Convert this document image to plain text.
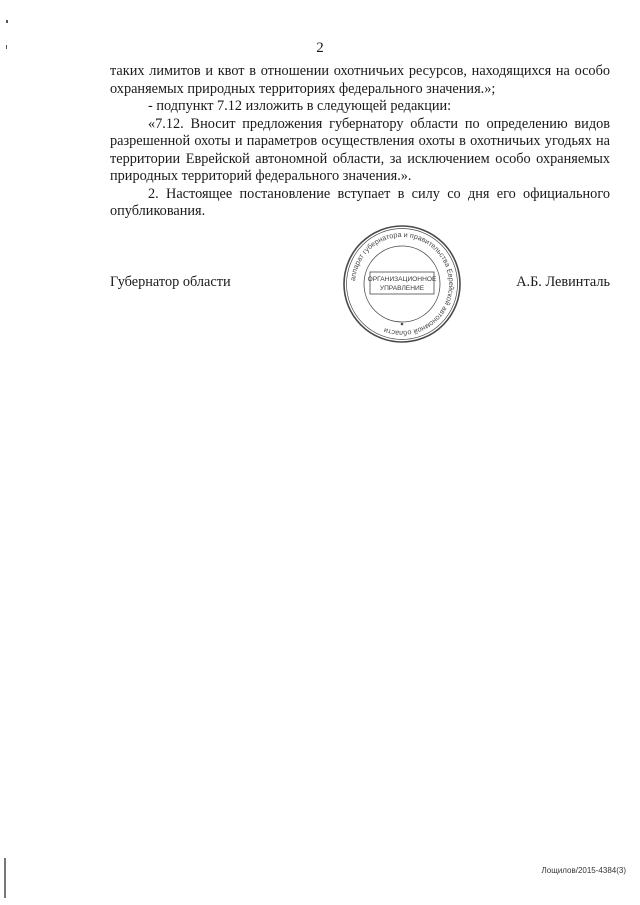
2

таких лимитов и квот в отношении охотничьих ресурсов, находящихся на особо охраняемых природных территориях федерального значения.»;

- подпункт 7.12 изложить в следующей редакции:

«7.12. Вносит предложения губернатору области по определению видов разрешенной охоты и параметров осуществления охоты в охотничьих угодьях на территории Еврейской автономной области, за исключением особо охраняемых природных территорий федерального значения.».

2. Настоящее постановление вступает в силу со дня его официального опубликования.

Губернатор области	А.Б. Левинталь
аппарат губернатора и правительства Еврейской автономной области
ОРГАНИЗАЦИОННОЕ
УПРАВЛЕНИЕ
Лощилов/2015-4384(3)
